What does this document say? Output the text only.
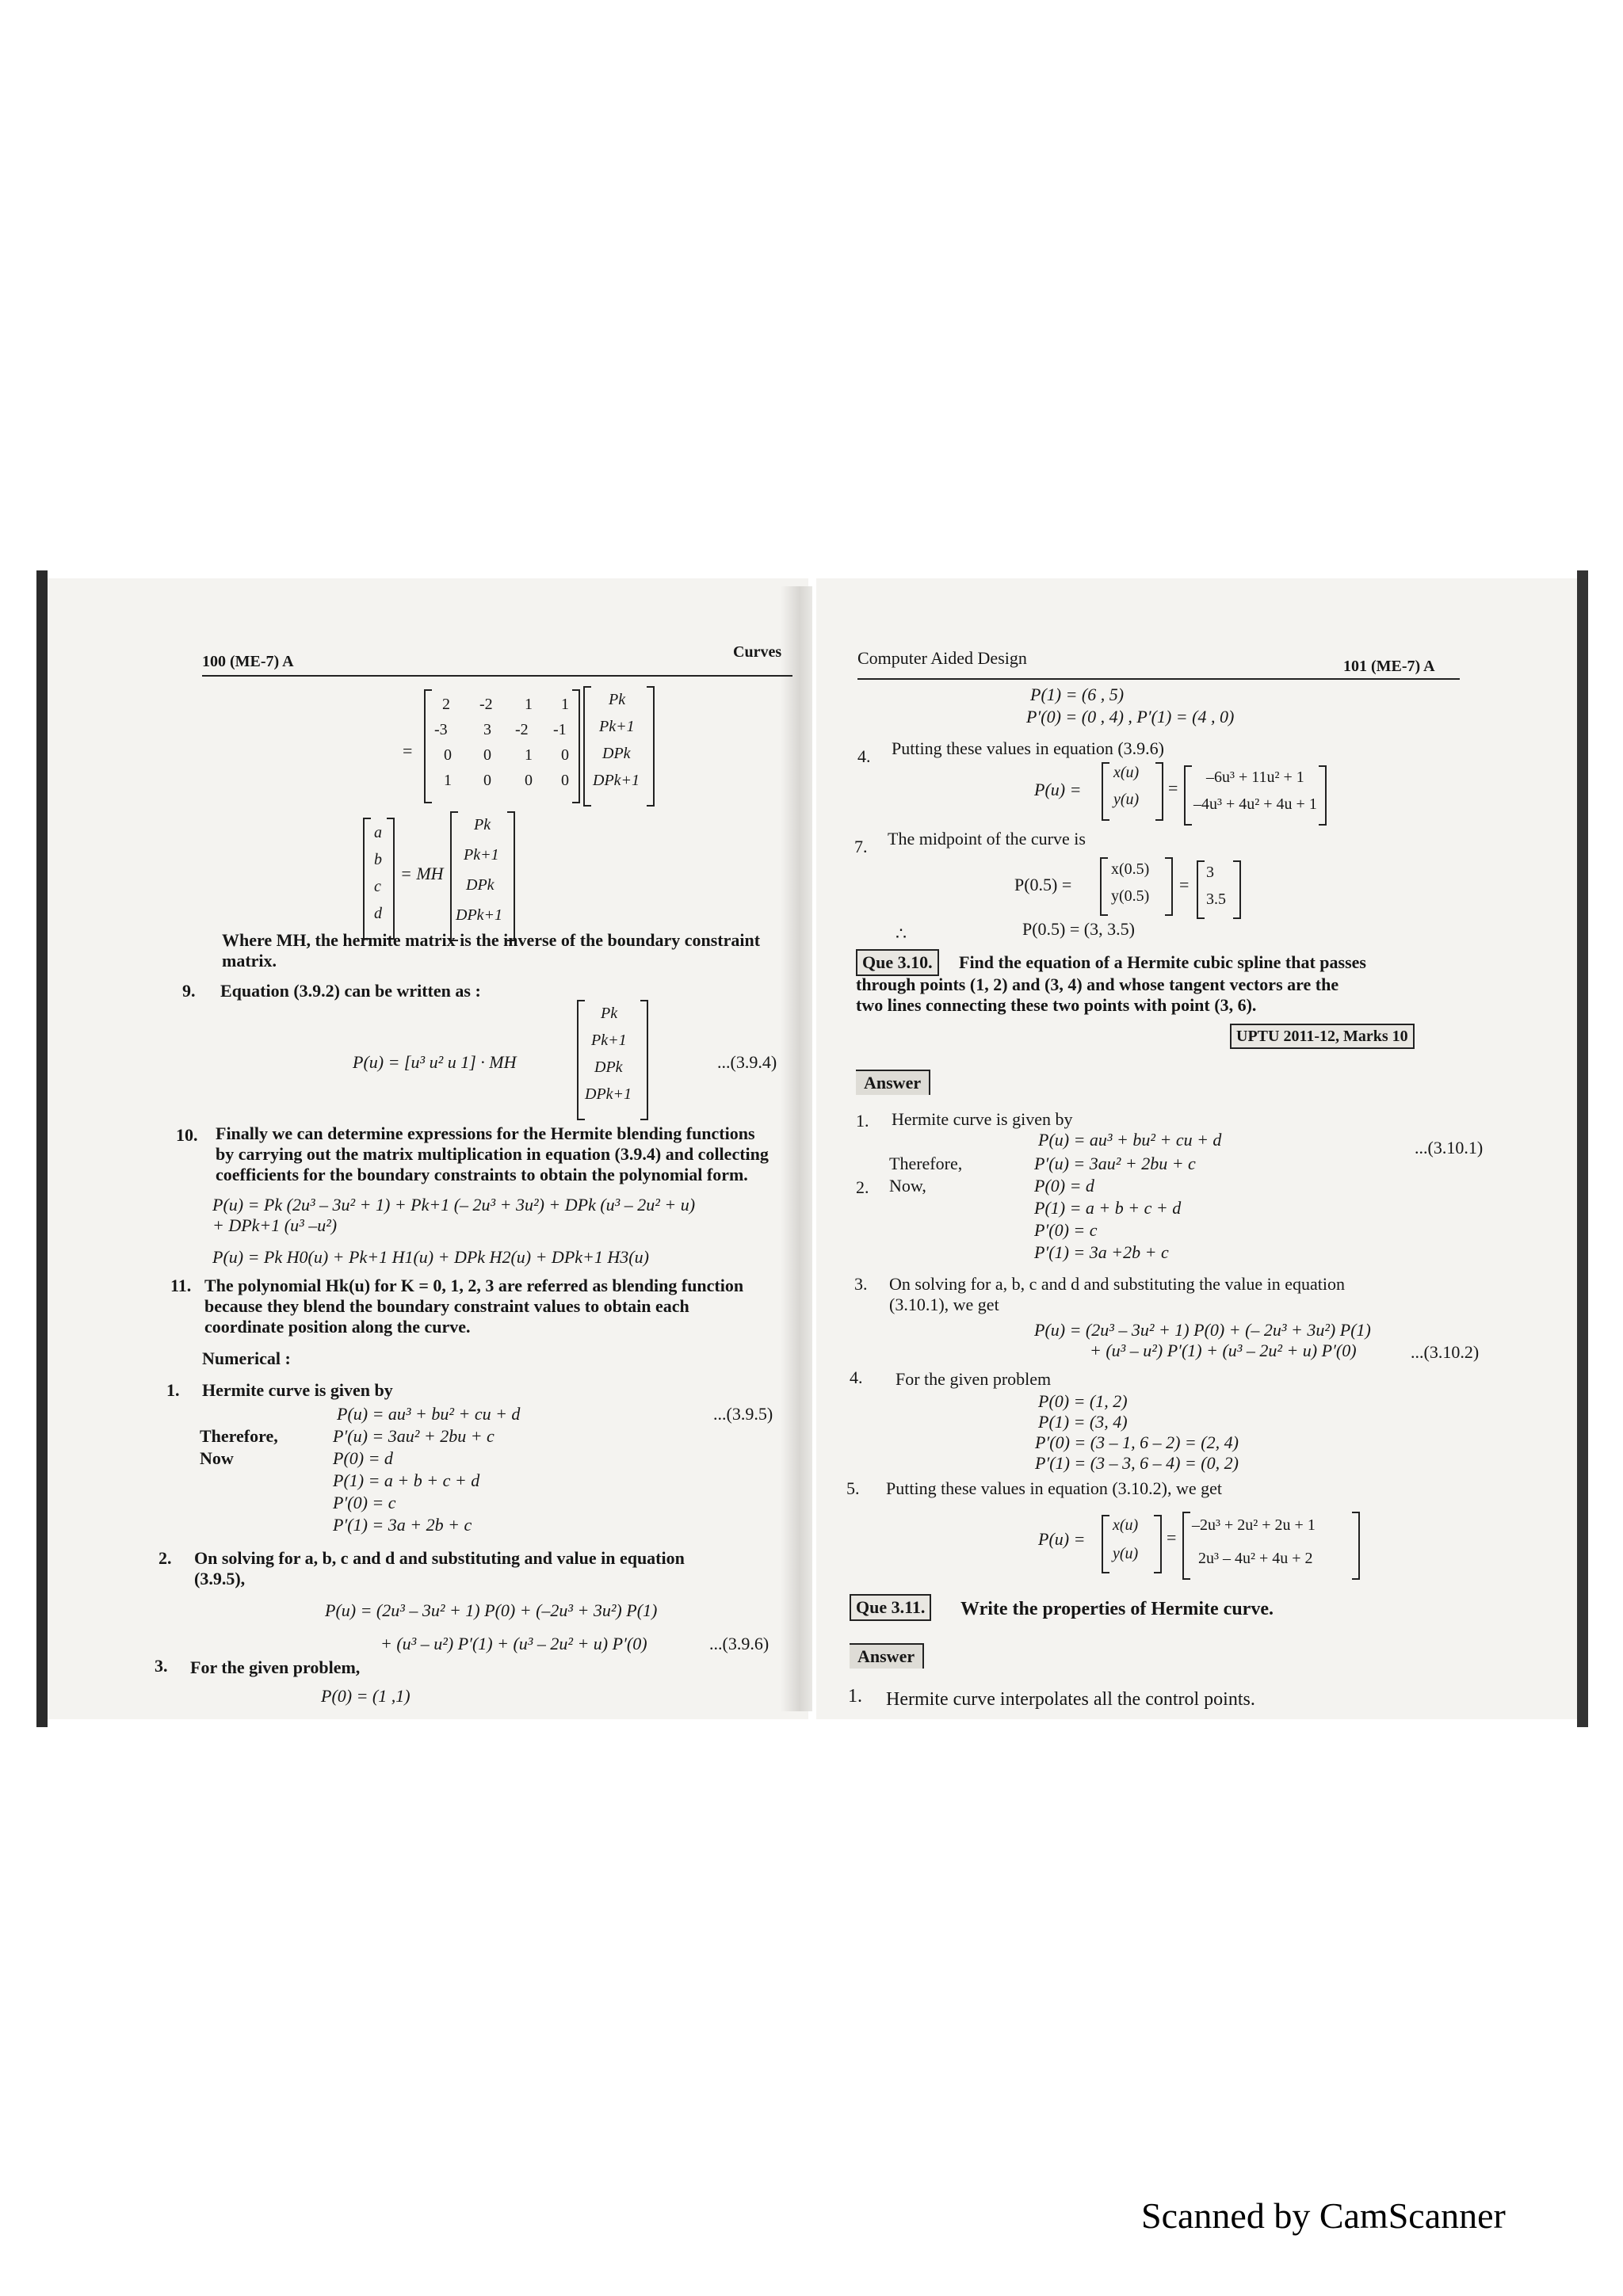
100 (ME-7) A
Curves
=
2 -2 1 1
-3 3 -2 -1
0 0 1 0
1 0 0 0
Pk
Pk+1
DPk
DPk+1
a
b
c
d
= MH
Pk
Pk+1
DPk
DPk+1
Where MH, the hermite matrix is the inverse of the boundary constraint
matrix.
9. Equation (3.9.2) can be written as :
P(u) = [u³ u² u 1] · MH
Pk
Pk+1
DPk
DPk+1
...(3.9.4)
10. Finally we can determine expressions for the Hermite blending functions
by carrying out the matrix multiplication in equation (3.9.4) and collecting
coefficients for the boundary constraints to obtain the polynomial form.
P(u) = Pk (2u³ – 3u² + 1) + Pk+1 (– 2u³ + 3u²) + DPk (u³ – 2u² + u)
+ DPk+1 (u³ –u²)
P(u) = Pk H0(u) + Pk+1 H1(u) + DPk H2(u) + DPk+1 H3(u)
11. The polynomial Hk(u) for K = 0, 1, 2, 3 are referred as blending function
because they blend the boundary constraint values to obtain each
coordinate position along the curve.
Numerical :
1. Hermite curve is given by
P(u) = au³ + bu² + cu + d	...(3.9.5)
Therefore,	P′(u) = 3au² + 2bu + c
Now	P(0) = d
P(1) = a + b + c + d
P′(0) = c
P′(1) = 3a + 2b + c
2. On solving for a, b, c and d and substituting and value in equation
(3.9.5),
P(u) = (2u³ – 3u² + 1) P(0) + (–2u³ + 3u²) P(1)
+ (u³ – u²) P′(1) + (u³ – 2u² + u) P′(0)	...(3.9.6)
3. For the given problem,
P(0) = (1 ,1)
Computer Aided Design	101 (ME-7) A
P(1) = (6 , 5)
P′(0) = (0 , 4) , P′(1) = (4 , 0)
4. Putting these values in equation (3.9.6)
P(u) =
x(u)
y(u)
=
–6u³ + 11u² + 1
–4u³ + 4u² + 4u + 1
7. The midpoint of the curve is
P(0.5) =
x(0.5)
y(0.5)
=
3
3.5
∴	P(0.5) = (3, 3.5)
Que 3.10.	Find the equation of a Hermite cubic spline that passes
through points (1, 2) and (3, 4) and whose tangent vectors are the
two lines connecting these two points with point (3, 6).
UPTU 2011-12, Marks 10
Answer
1. Hermite curve is given by
P(u) = au³ + bu² + cu + d	...(3.10.1)
Therefore,	P′(u) = 3au² + 2bu + c
2. Now,	P(0) = d
P(1) = a + b + c + d
P′(0) = c
P′(1) = 3a +2b + c
3. On solving for a, b, c and d and substituting the value in equation
(3.10.1), we get
P(u) = (2u³ – 3u² + 1) P(0) + (– 2u³ + 3u²) P(1)
+ (u³ – u²) P′(1) + (u³ – 2u² + u) P′(0)	...(3.10.2)
4. For the given problem
P(0) = (1, 2)
P(1) = (3, 4)
P′(0) = (3 – 1, 6 – 2) = (2, 4)
P′(1) = (3 – 3, 6 – 4) = (0, 2)
5. Putting these values in equation (3.10.2), we get
P(u) =
x(u)
y(u)
=
–2u³ + 2u² + 2u + 1
2u³ – 4u² + 4u + 2
Que 3.11.	Write the properties of Hermite curve.
Answer
1. Hermite curve interpolates all the control points.
Scanned by CamScanner
